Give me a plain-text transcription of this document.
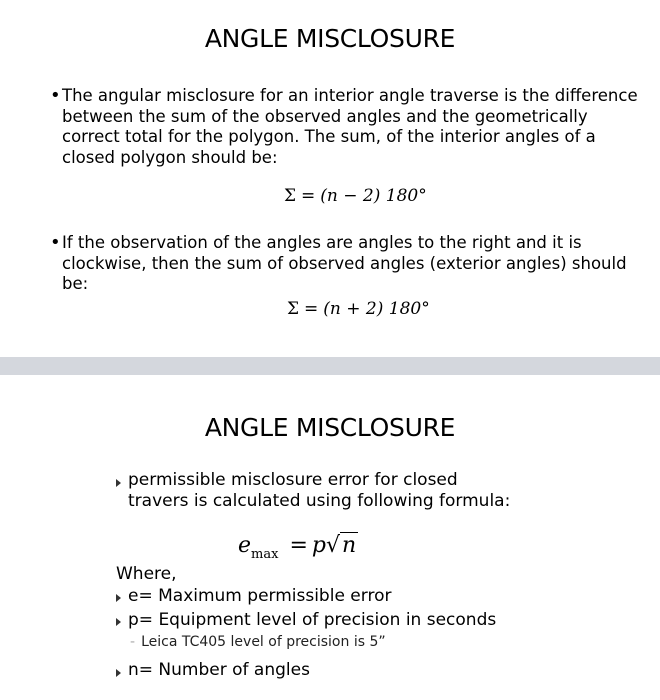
ANGLE MISCLOSURE
• The angular misclosure for an interior angle traverse is the difference
between the sum of the observed angles and the geometrically
correct total for the polygon. The sum, of the interior angles of a
closed polygon should be:
Σ = (n − 2) 180°
• If the observation of the angles are angles to the right and it is
clockwise, then the sum of observed angles (exterior angles) should
be:
Σ = (n + 2) 180°
ANGLE MISCLOSURE
permissible misclosure error for closed
travers is calculated using following formula:
$e_{max} = p√n$
Where,
e= Maximum permissible error
p= Equipment level of precision in seconds
- Leica TC405 level of precision is 5”
n= Number of angles
